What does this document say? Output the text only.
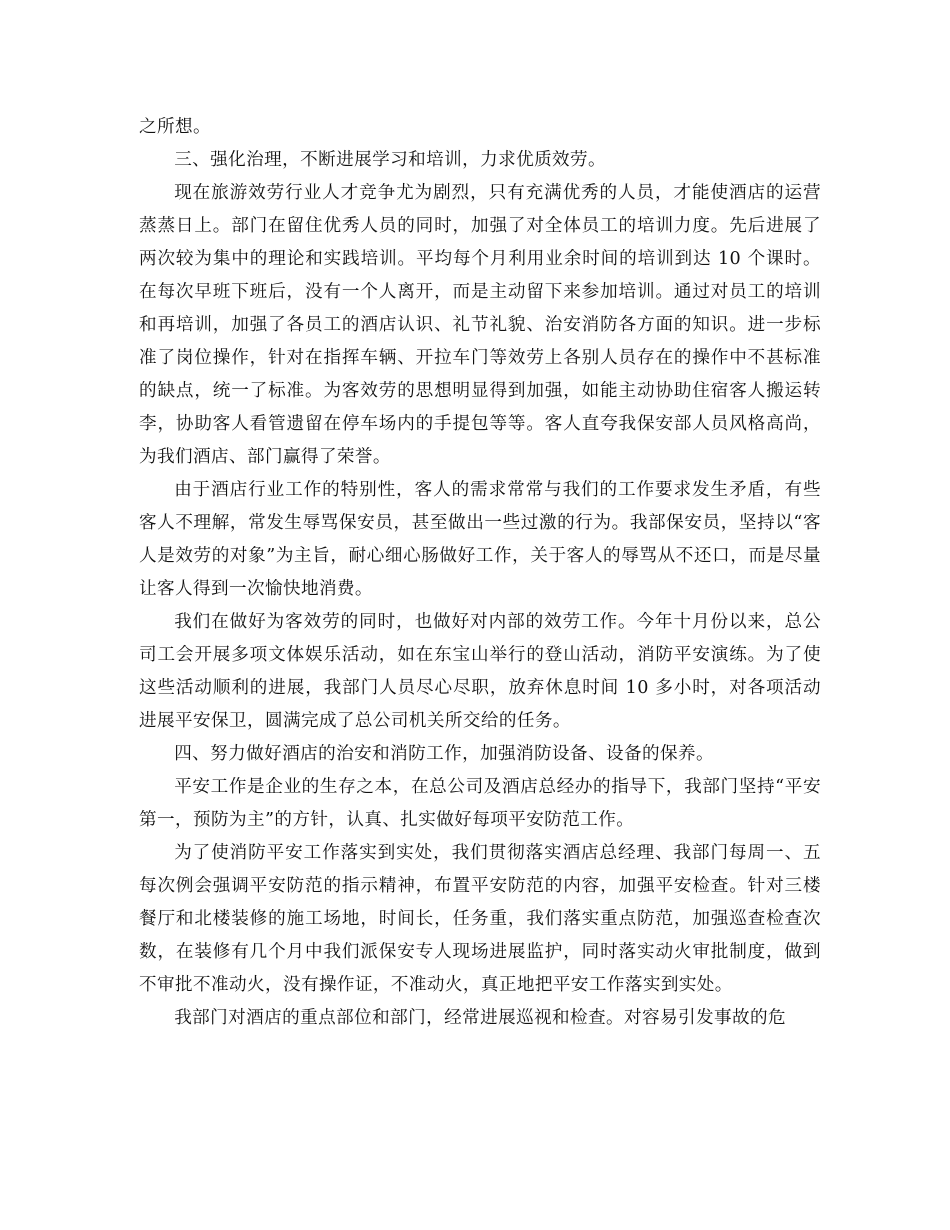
之所想。

三、强化治理，不断进展学习和培训，力求优质效劳。

现在旅游效劳行业人才竞争尤为剧烈，只有充满优秀的人员，才能使酒店的运营蒸蒸日上。部门在留住优秀人员的同时，加强了对全体员工的培训力度。先后进展了两次较为集中的理论和实践培训。平均每个月利用业余时间的培训到达 10 个课时。在每次早班下班后，没有一个人离开，而是主动留下来参加培训。通过对员工的培训和再培训，加强了各员工的酒店认识、礼节礼貌、治安消防各方面的知识。进一步标准了岗位操作，针对在指挥车辆、开拉车门等效劳上各别人员存在的操作中不甚标准的缺点，统一了标准。为客效劳的思想明显得到加强，如能主动协助住宿客人搬运转李，协助客人看管遗留在停车场内的手提包等等。客人直夸我保安部人员风格高尚，为我们酒店、部门赢得了荣誉。

由于酒店行业工作的特别性，客人的需求常常与我们的工作要求发生矛盾，有些客人不理解，常发生辱骂保安员，甚至做出一些过激的行为。我部保安员，坚持以“客人是效劳的对象”为主旨，耐心细心肠做好工作，关于客人的辱骂从不还口，而是尽量让客人得到一次愉快地消费。

我们在做好为客效劳的同时，也做好对内部的效劳工作。今年十月份以来，总公司工会开展多项文体娱乐活动，如在东宝山举行的登山活动，消防平安演练。为了使这些活动顺利的进展，我部门人员尽心尽职，放弃休息时间 10 多小时，对各项活动进展平安保卫，圆满完成了总公司机关所交给的任务。

四、努力做好酒店的治安和消防工作，加强消防设备、设备的保养。

平安工作是企业的生存之本，在总公司及酒店总经办的指导下，我部门坚持“平安第一，预防为主”的方针，认真、扎实做好每项平安防范工作。

为了使消防平安工作落实到实处，我们贯彻落实酒店总经理、我部门每周一、五每次例会强调平安防范的指示精神，布置平安防范的内容，加强平安检查。针对三楼餐厅和北楼装修的施工场地，时间长，任务重，我们落实重点防范，加强巡查检查次数，在装修有几个月中我们派保安专人现场进展监护，同时落实动火审批制度，做到不审批不准动火，没有操作证，不准动火，真正地把平安工作落实到实处。

我部门对酒店的重点部位和部门，经常进展巡视和检查。对容易引发事故的危
